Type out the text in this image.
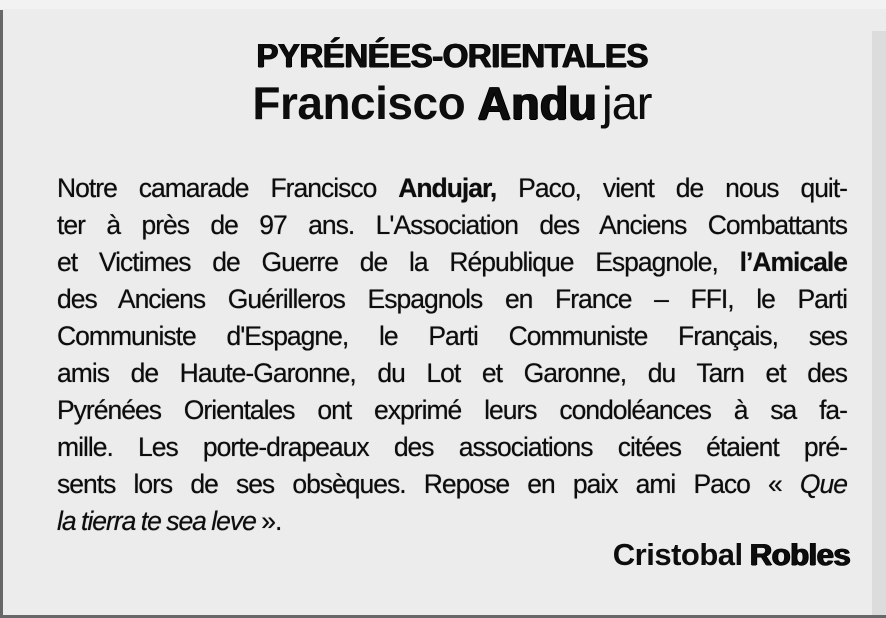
PYRÉNÉES-ORIENTALES
Francisco Andu jar
Notre camarade Francisco Andujar, Paco, vient de nous quit-
ter à près de 97 ans. L'Association des Anciens Combattants
et Victimes de Guerre de la République Espagnole, l’Amicale
des Anciens Guérilleros Espagnols en France – FFI, le Parti
Communiste d'Espagne, le Parti Communiste Français, ses
amis de Haute-Garonne, du Lot et Garonne, du Tarn et des
Pyrénées Orientales ont exprimé leurs condoléances à sa fa-
mille. Les porte-drapeaux des associations citées étaient pré-
sents lors de ses obsèques. Repose en paix ami Paco « Que
la tierra te sea leve ».
Cristobal Robles
